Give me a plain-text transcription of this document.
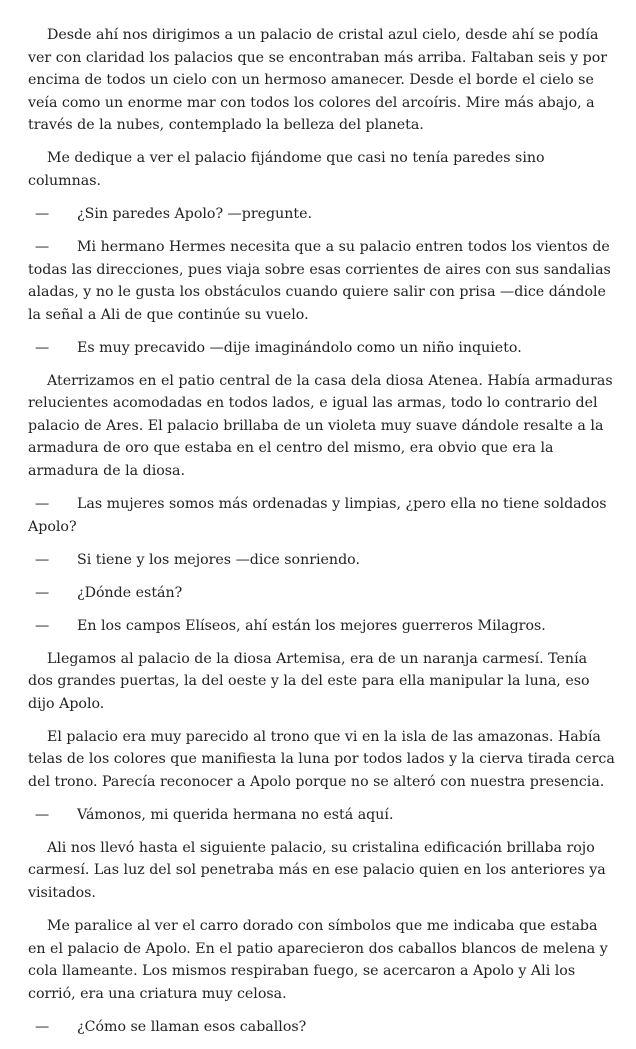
Desde ahí nos dirigimos a un palacio de cristal azul cielo, desde ahí se podía ver con claridad los palacios que se encontraban más arriba. Faltaban seis y por encima de todos un cielo con un hermoso amanecer. Desde el borde el cielo se veía como un enorme mar con todos los colores del arcoíris. Mire más abajo, a través de la nubes, contemplado la belleza del planeta.

Me dedique a ver el palacio fijándome que casi no tenía paredes sino columnas.

— ¿Sin paredes Apolo? —pregunte.

— Mi hermano Hermes necesita que a su palacio entren todos los vientos de todas las direcciones, pues viaja sobre esas corrientes de aires con sus sandalias aladas, y no le gusta los obstáculos cuando quiere salir con prisa —dice dándole la señal a Ali de que continúe su vuelo.

— Es muy precavido —dije imaginándolo como un niño inquieto.

Aterrizamos en el patio central de la casa dela diosa Atenea. Había armaduras relucientes acomodadas en todos lados, e igual las armas, todo lo contrario del palacio de Ares. El palacio brillaba de un violeta muy suave dándole resalte a la armadura de oro que estaba en el centro del mismo, era obvio que era la armadura de la diosa.

— Las mujeres somos más ordenadas y limpias, ¿pero ella no tiene soldados Apolo?

— Si tiene y los mejores —dice sonriendo.

— ¿Dónde están?

— En los campos Elíseos, ahí están los mejores guerreros Milagros.

Llegamos al palacio de la diosa Artemisa, era de un naranja carmesí. Tenía dos grandes puertas, la del oeste y la del este para ella manipular la luna, eso dijo Apolo.

El palacio era muy parecido al trono que vi en la isla de las amazonas. Había telas de los colores que manifiesta la luna por todos lados y la cierva tirada cerca del trono. Parecía reconocer a Apolo porque no se alteró con nuestra presencia.

— Vámonos, mi querida hermana no está aquí.

Ali nos llevó hasta el siguiente palacio, su cristalina edificación brillaba rojo carmesí. Las luz del sol penetraba más en ese palacio quien en los anteriores ya visitados.

Me paralice al ver el carro dorado con símbolos que me indicaba que estaba en el palacio de Apolo. En el patio aparecieron dos caballos blancos de melena y cola llameante. Los mismos respiraban fuego, se acercaron a Apolo y Ali los corrió, era una criatura muy celosa.

— ¿Cómo se llaman esos caballos?
